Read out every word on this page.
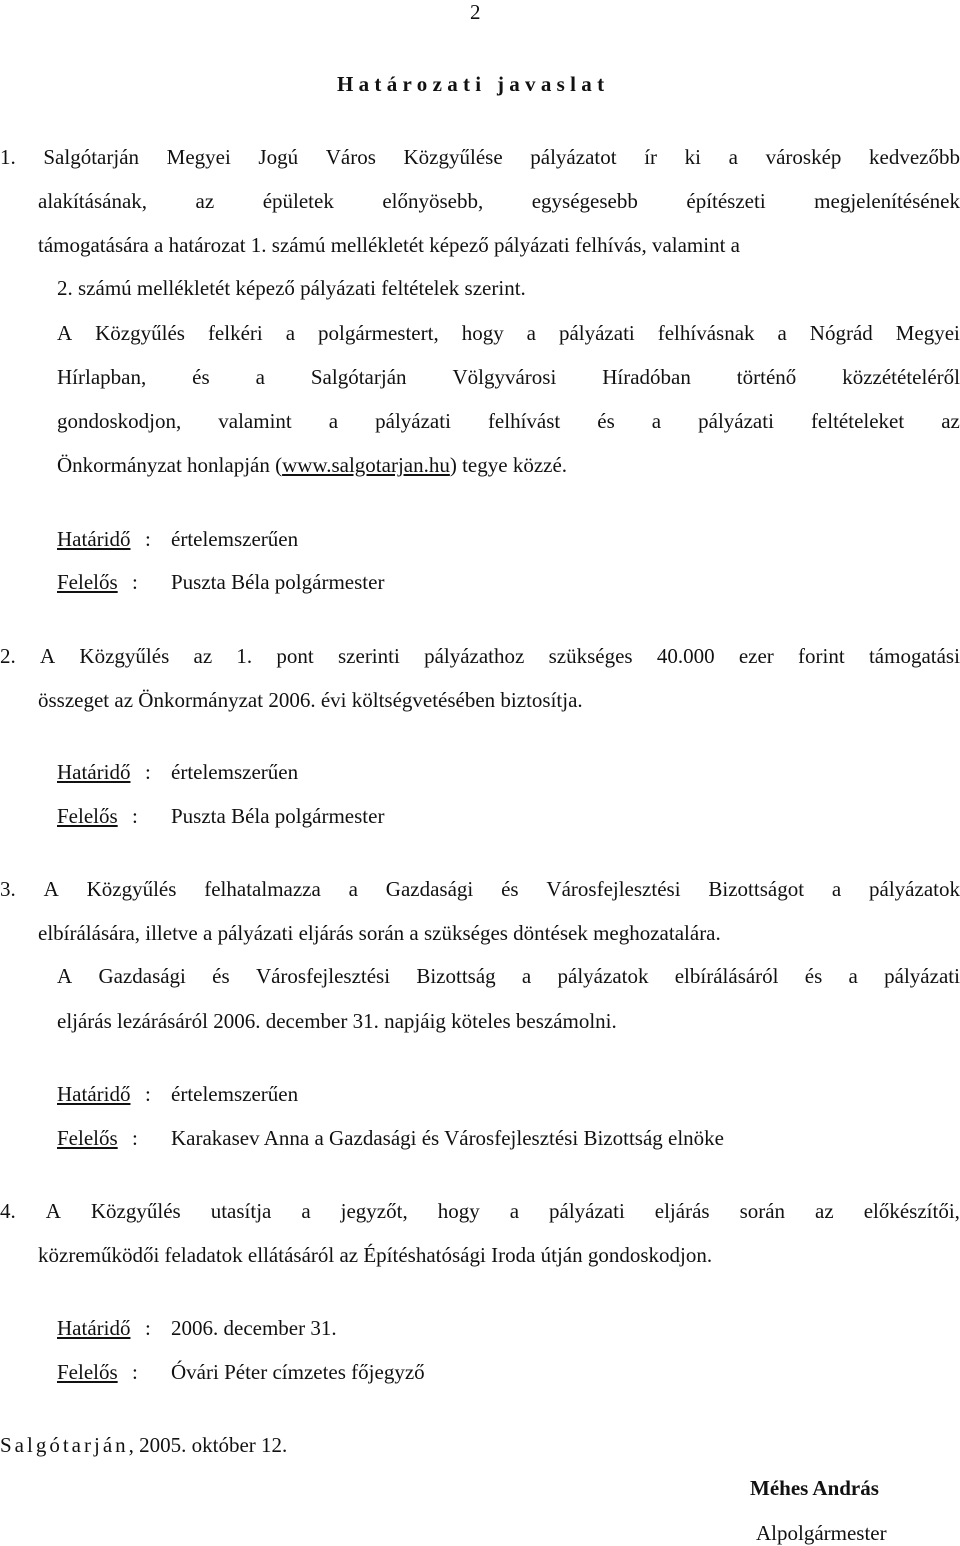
2
Határozati javaslat
1. Salgótarján Megyei Jogú Város Közgyűlése pályázatot ír ki a városkép kedvezőbb
alakításának, az épületek előnyösebb, egységesebb építészeti megjelenítésének
támogatására a határozat 1. számú mellékletét képező pályázati felhívás, valamint a
2. számú mellékletét képező pályázati feltételek szerint.
A Közgyűlés felkéri a polgármestert, hogy a pályázati felhívásnak a Nógrád Megyei
Hírlapban, és a Salgótarján Völgyvárosi Híradóban történő közzétételéről
gondoskodjon, valamint a pályázati felhívást és a pályázati feltételeket az
Önkormányzat honlapján (www.salgotarjan.hu) tegye közzé.
Határidő : értelemszerűen
Felelős : Puszta Béla polgármester
2. A Közgyűlés az 1. pont szerinti pályázathoz szükséges 40.000 ezer forint támogatási
összeget az Önkormányzat 2006. évi költségvetésében biztosítja.
Határidő : értelemszerűen
Felelős : Puszta Béla polgármester
3. A Közgyűlés felhatalmazza a Gazdasági és Városfejlesztési Bizottságot a pályázatok
elbírálására, illetve a pályázati eljárás során a szükséges döntések meghozatalára.
A Gazdasági és Városfejlesztési Bizottság a pályázatok elbírálásáról és a pályázati
eljárás lezárásáról 2006. december 31. napjáig köteles beszámolni.
Határidő : értelemszerűen
Felelős : Karakasev Anna a Gazdasági és Városfejlesztési Bizottság elnöke
4. A Közgyűlés utasítja a jegyzőt, hogy a pályázati eljárás során az előkészítői,
közreműködői feladatok ellátásáról az Építéshatósági Iroda útján gondoskodjon.
Határidő : 2006. december 31.
Felelős : Óvári Péter címzetes főjegyző
Salgótarján, 2005. október 12.
Méhes András
Alpolgármester
